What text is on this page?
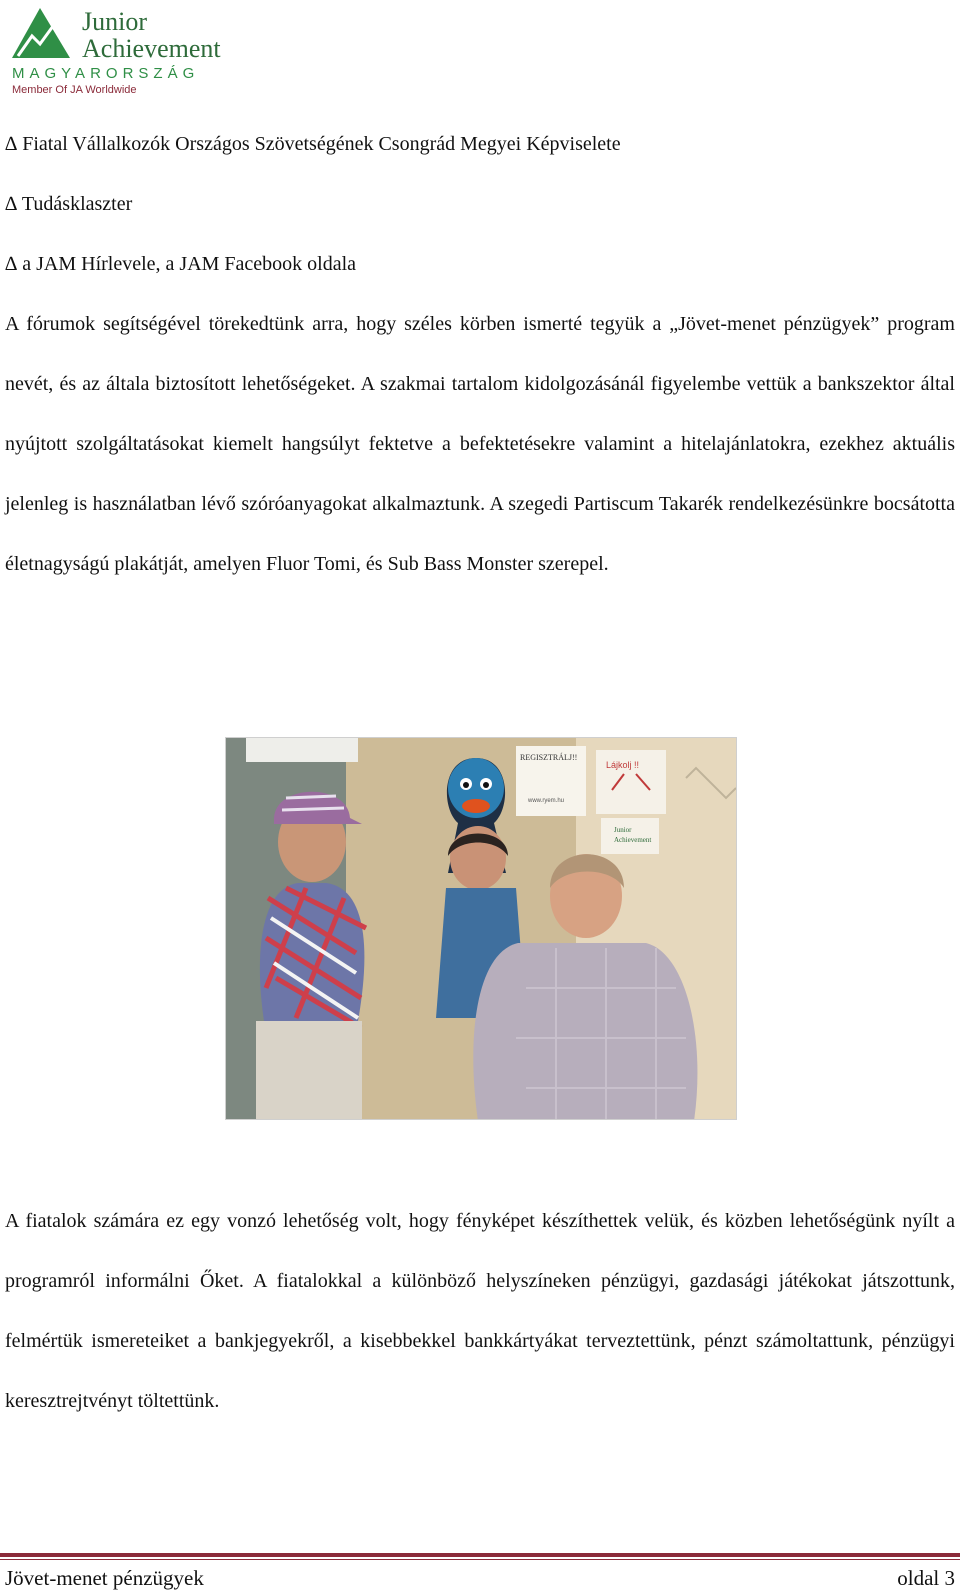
Junior
Achievement
MAGYARORSZÁG
Member Of JA Worldwide
∆ Fiatal Vállalkozók Országos Szövetségének Csongrád Megyei Képviselete
∆ Tudásklaszter
∆ a JAM Hírlevele, a JAM Facebook oldala

A fórumok segítségével törekedtünk arra, hogy széles körben ismerté tegyük a „Jövet-menet pénzügyek” program nevét, és az általa biztosított lehetőségeket. A szakmai tartalom kidolgozásánál figyelembe vettük a bankszektor által nyújtott szolgáltatásokat kiemelt hangsúlyt fektetve a befektetésekre valamint a hitelajánlatokra, ezekhez aktuális jelenleg is használatban lévő szóróanyagokat alkalmaztunk. A szegedi Partiscum Takarék rendelkezésünkre bocsátotta életnagyságú plakátját, amelyen Fluor Tomi, és Sub Bass Monster szerepel.

REGISZTRÁLJ!!
www.ryem.hu
Lájkolj !!
Junior
Achievement

A fiatalok számára ez egy vonzó lehetőség volt, hogy fényképet készíthettek velük, és közben lehetőségünk nyílt a programról informálni Őket. A fiatalokkal a különböző helyszíneken pénzügyi, gazdasági játékokat játszottunk, felmértük ismereteiket a bankjegyekről, a kisebbekkel bankkártyákat terveztettünk, pénzt számoltattunk, pénzügyi keresztrejtvényt töltettünk.

Jövet-menet pénzügyek	oldal 3
